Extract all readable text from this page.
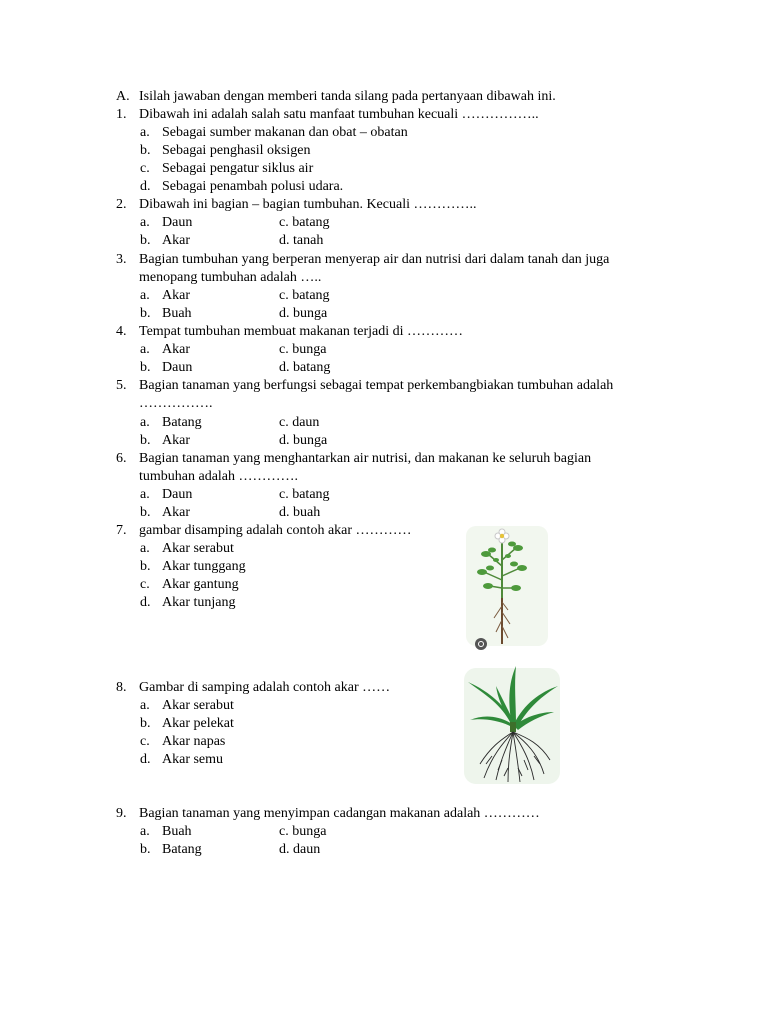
A. Isilah jawaban dengan memberi tanda silang pada pertanyaan dibawah ini.
1. Dibawah ini adalah salah satu manfaat tumbuhan kecuali ……………..
a. Sebagai sumber makanan dan obat – obatan
b. Sebagai penghasil oksigen
c. Sebagai pengatur siklus air
d. Sebagai penambah polusi udara.
2. Dibawah ini bagian – bagian tumbuhan. Kecuali …………..
a. Daun	c. batang
b. Akar	d. tanah
3. Bagian tumbuhan yang berperan menyerap air dan nutrisi dari dalam tanah dan juga
menopang tumbuhan adalah …..
a. Akar	c. batang
b. Buah	d. bunga
4. Tempat tumbuhan membuat makanan terjadi di …………
a. Akar	c. bunga
b. Daun	d. batang
5. Bagian tanaman yang berfungsi sebagai tempat perkembangbiakan tumbuhan adalah
…………….
a. Batang	c. daun
b. Akar	d. bunga
6. Bagian tanaman yang menghantarkan air nutrisi, dan makanan ke seluruh bagian
tumbuhan adalah ………….
a. Daun	c. batang
b. Akar	d. buah
7. gambar disamping adalah contoh akar …………
a. Akar serabut
b. Akar tunggang
c. Akar gantung
d. Akar tunjang
8. Gambar di samping adalah contoh akar ……
a. Akar serabut
b. Akar pelekat
c. Akar napas
d. Akar semu
9. Bagian tanaman yang menyimpan cadangan makanan adalah …………
a. Buah	c. bunga
b. Batang	d. daun
